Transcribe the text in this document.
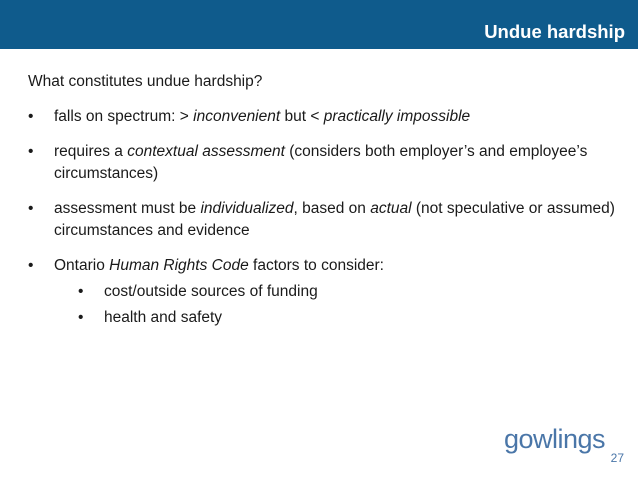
Undue hardship

What constitutes undue hardship?

• falls on spectrum: > inconvenient but < practically impossible
• requires a contextual assessment (considers both employer’s and employee’s circumstances)
• assessment must be individualized, based on actual (not speculative or assumed) circumstances and evidence
• Ontario Human Rights Code factors to consider:
• cost/outside sources of funding
• health and safety
gowlings
27
